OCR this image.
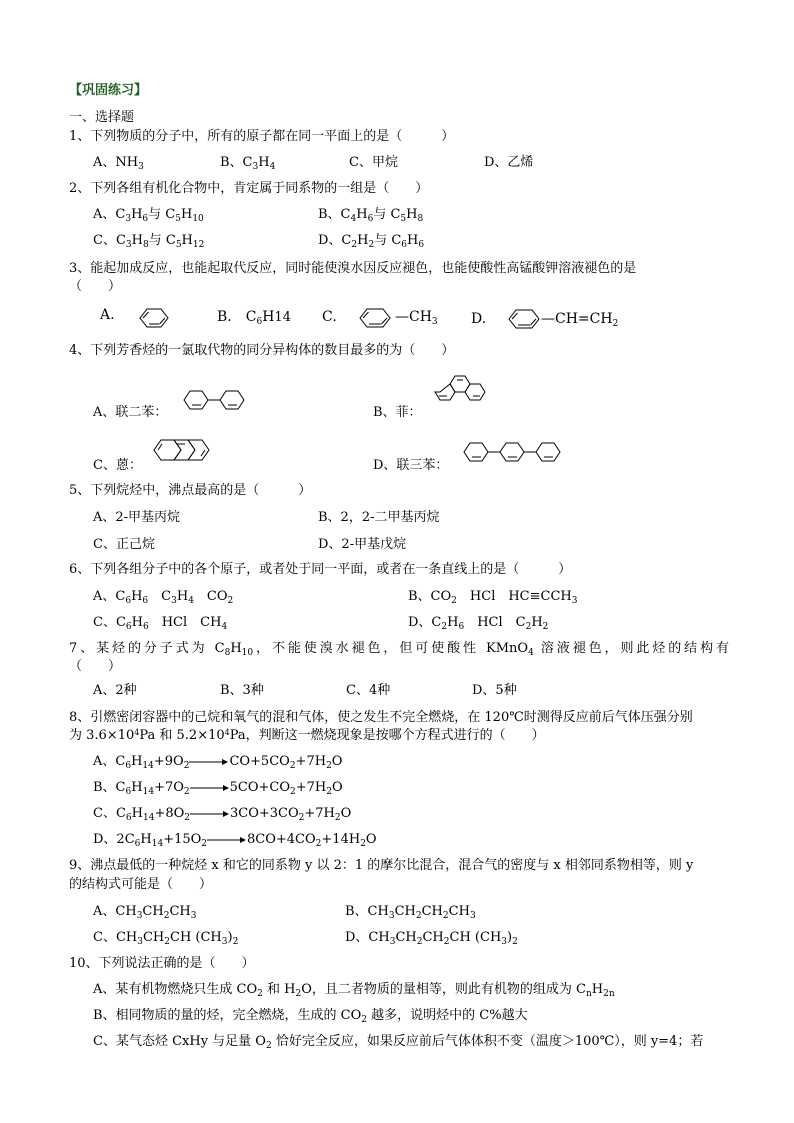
【巩固练习】
一、选择题
1、下列物质的分子中，所有的原子都在同一平面上的是（　　　）
A、$NH_3$	B、$C_3H_4$	C、甲烷	D、乙烯
2、下列各组有机化合物中，肯定属于同系物的一组是（　　）
A、$C_3H_6$与 $C_5H_{10}$	B、$C_4H_6$与 $C_5H_8$
C、$C_3H_8$与 $C_5H_{12}$	D、$C_2H_2$与 $C_6H_6$
3、能起加成反应，也能起取代反应，同时能使溴水因反应褪色，也能使酸性高锰酸钾溶液褪色的是
（　　）
A.	B.　 $C_6H14$ C.	$—CH_3$ D.	$—CH=CH_2$
4、下列芳香烃的一氯取代物的同分异构体的数目最多的为（　　）
A、联二苯：	B、菲：
C、蒽：	D、联三苯：
5、下列烷烃中，沸点最高的是（　　　）
A、2-甲基丙烷	B、2，2-二甲基丙烷
C、正己烷	D、2-甲基戊烷
6、下列各组分子中的各个原子，或者处于同一平面，或者在一条直线上的是（　　　）
A、$C_6H_6$　$C_3H_4$　$CO_2$	B、$CO_2$　HCl　$HC\equiv CCH_3$
C、$C_6H_6$　HCl　$CH_4$	D、$C_2H_6$　HCl　$C_2H_2$
7、某烃的分子式为 $C_8H_{10}$，不能使溴水褪色，但可使酸性 KMnO$_4$ 溶液褪色，则此烃的结构有
（　　）
A、2种	B、3种	C、4种	D、5种
8、引燃密闭容器中的己烷和氧气的混和气体，使之发生不完全燃烧，在 120℃时测得反应前后气体压强分别
为 $3.6\times 10^4Pa$ 和 $5.2\times 10^4Pa$，判断这一燃烧现象是按哪个方程式进行的（　　）
A、$C_6H_{14}+9O_2\to CO+5CO_2+7H_2O$
B、$C_6H_{14}+7O_2\to 5CO+CO_2+7H_2O$
C、$C_6H_{14}+8O_2\to 3CO+3CO_2+7H_2O$
D、$2C_6H_{14}+15O_2\to 8CO+4CO_2+14H_2O$
9、沸点最低的一种烷烃 x 和它的同系物 y 以 2：1 的摩尔比混合，混合气的密度与 x 相邻同系物相等，则 y
的结构式可能是（　　）
A、$CH_3CH_2CH_3$	B、$CH_3CH_2CH_2CH_3$
C、$CH_3CH_2CH$ $(CH_3)_2$	D、$CH_3CH_2CH_2CH$ $(CH_3)_2$
10、下列说法正确的是（　　）
A、某有机物燃烧只生成 $CO_2$ 和 $H_2O$，且二者物质的量相等，则此有机物的组成为 $C_nH_{2n}$
B、相同物质的量的烃，完全燃烧，生成的 $CO_2$ 越多，说明烃中的 C%越大
C、某气态烃 CxHy 与足量 $O_2$ 恰好完全反应，如果反应前后气体体积不变（温度＞100℃），则 y=4；若
